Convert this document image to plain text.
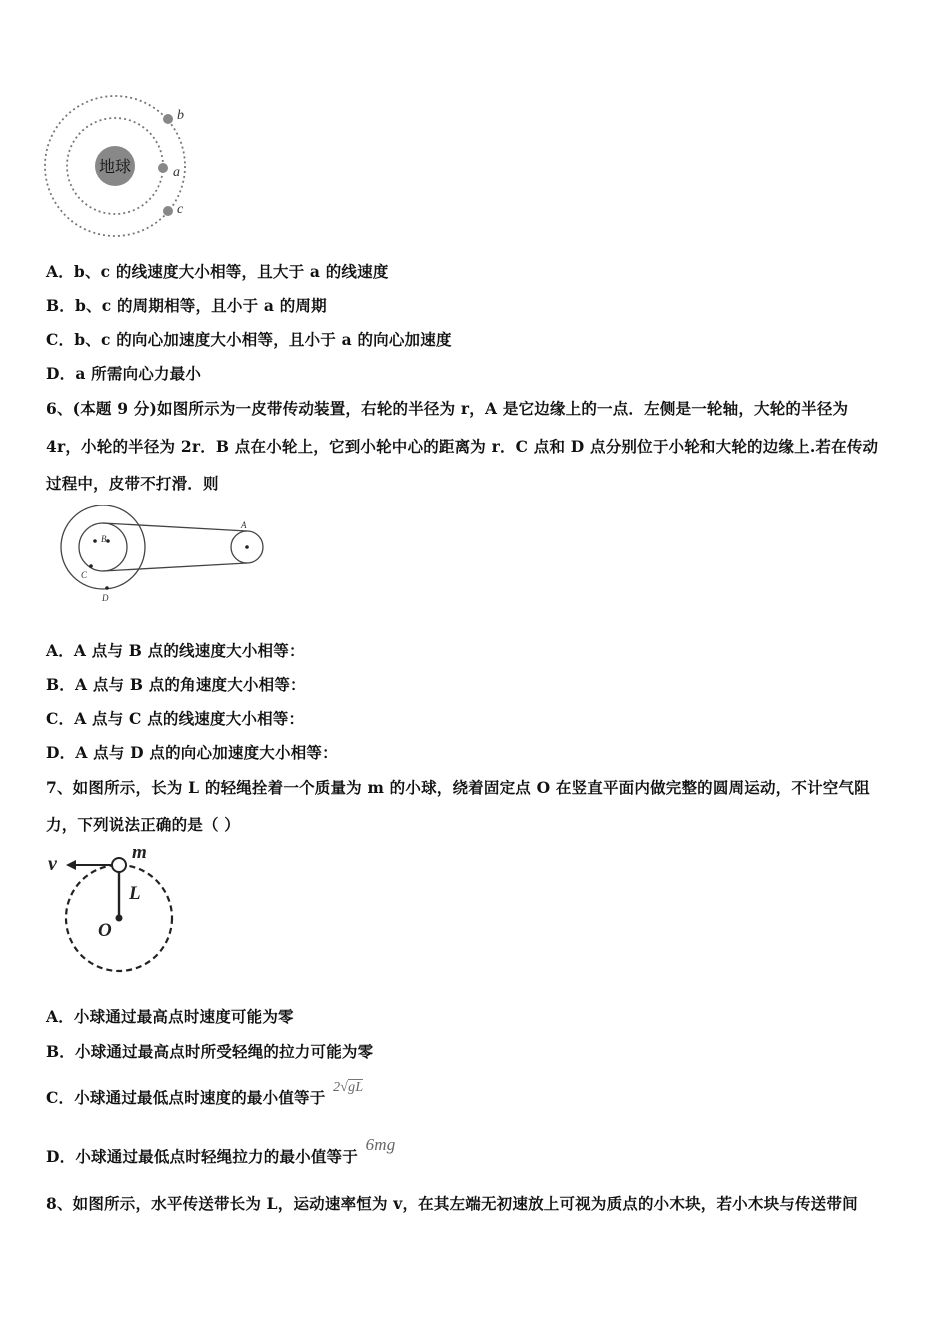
地球
b
a
c
A．b、c 的线速度大小相等，且大于 a 的线速度
B．b、c 的周期相等，且小于 a 的周期
C．b、c 的向心加速度大小相等，且小于 a 的向心加速度
D．a 所需向心力最小
6、(本题 9 分)如图所示为一皮带传动装置，右轮的半径为 r，A 是它边缘上的一点．左侧是一轮轴，大轮的半径为
4r，小轮的半径为 2r．B 点在小轮上，它到小轮中心的距离为 r．C 点和 D 点分别位于小轮和大轮的边缘上.若在传动
过程中，皮带不打滑．则
B
C
D
A
A．A 点与 B 点的线速度大小相等：
B．A 点与 B 点的角速度大小相等：
C．A 点与 C 点的线速度大小相等：
D．A 点与 D 点的向心加速度大小相等：
7、如图所示，长为 L 的轻绳拴着一个质量为 m 的小球，绕着固定点 O 在竖直平面内做完整的圆周运动，不计空气阻
力，下列说法正确的是（ ）
v
m
L
O
A．小球通过最高点时速度可能为零
B．小球通过最高点时所受轻绳的拉力可能为零
C．小球通过最低点时速度的最小值等于 2√gL
D．小球通过最低点时轻绳拉力的最小值等于 6mg
8、如图所示，水平传送带长为 L，运动速率恒为 v，在其左端无初速放上可视为质点的小木块，若小木块与传送带间
